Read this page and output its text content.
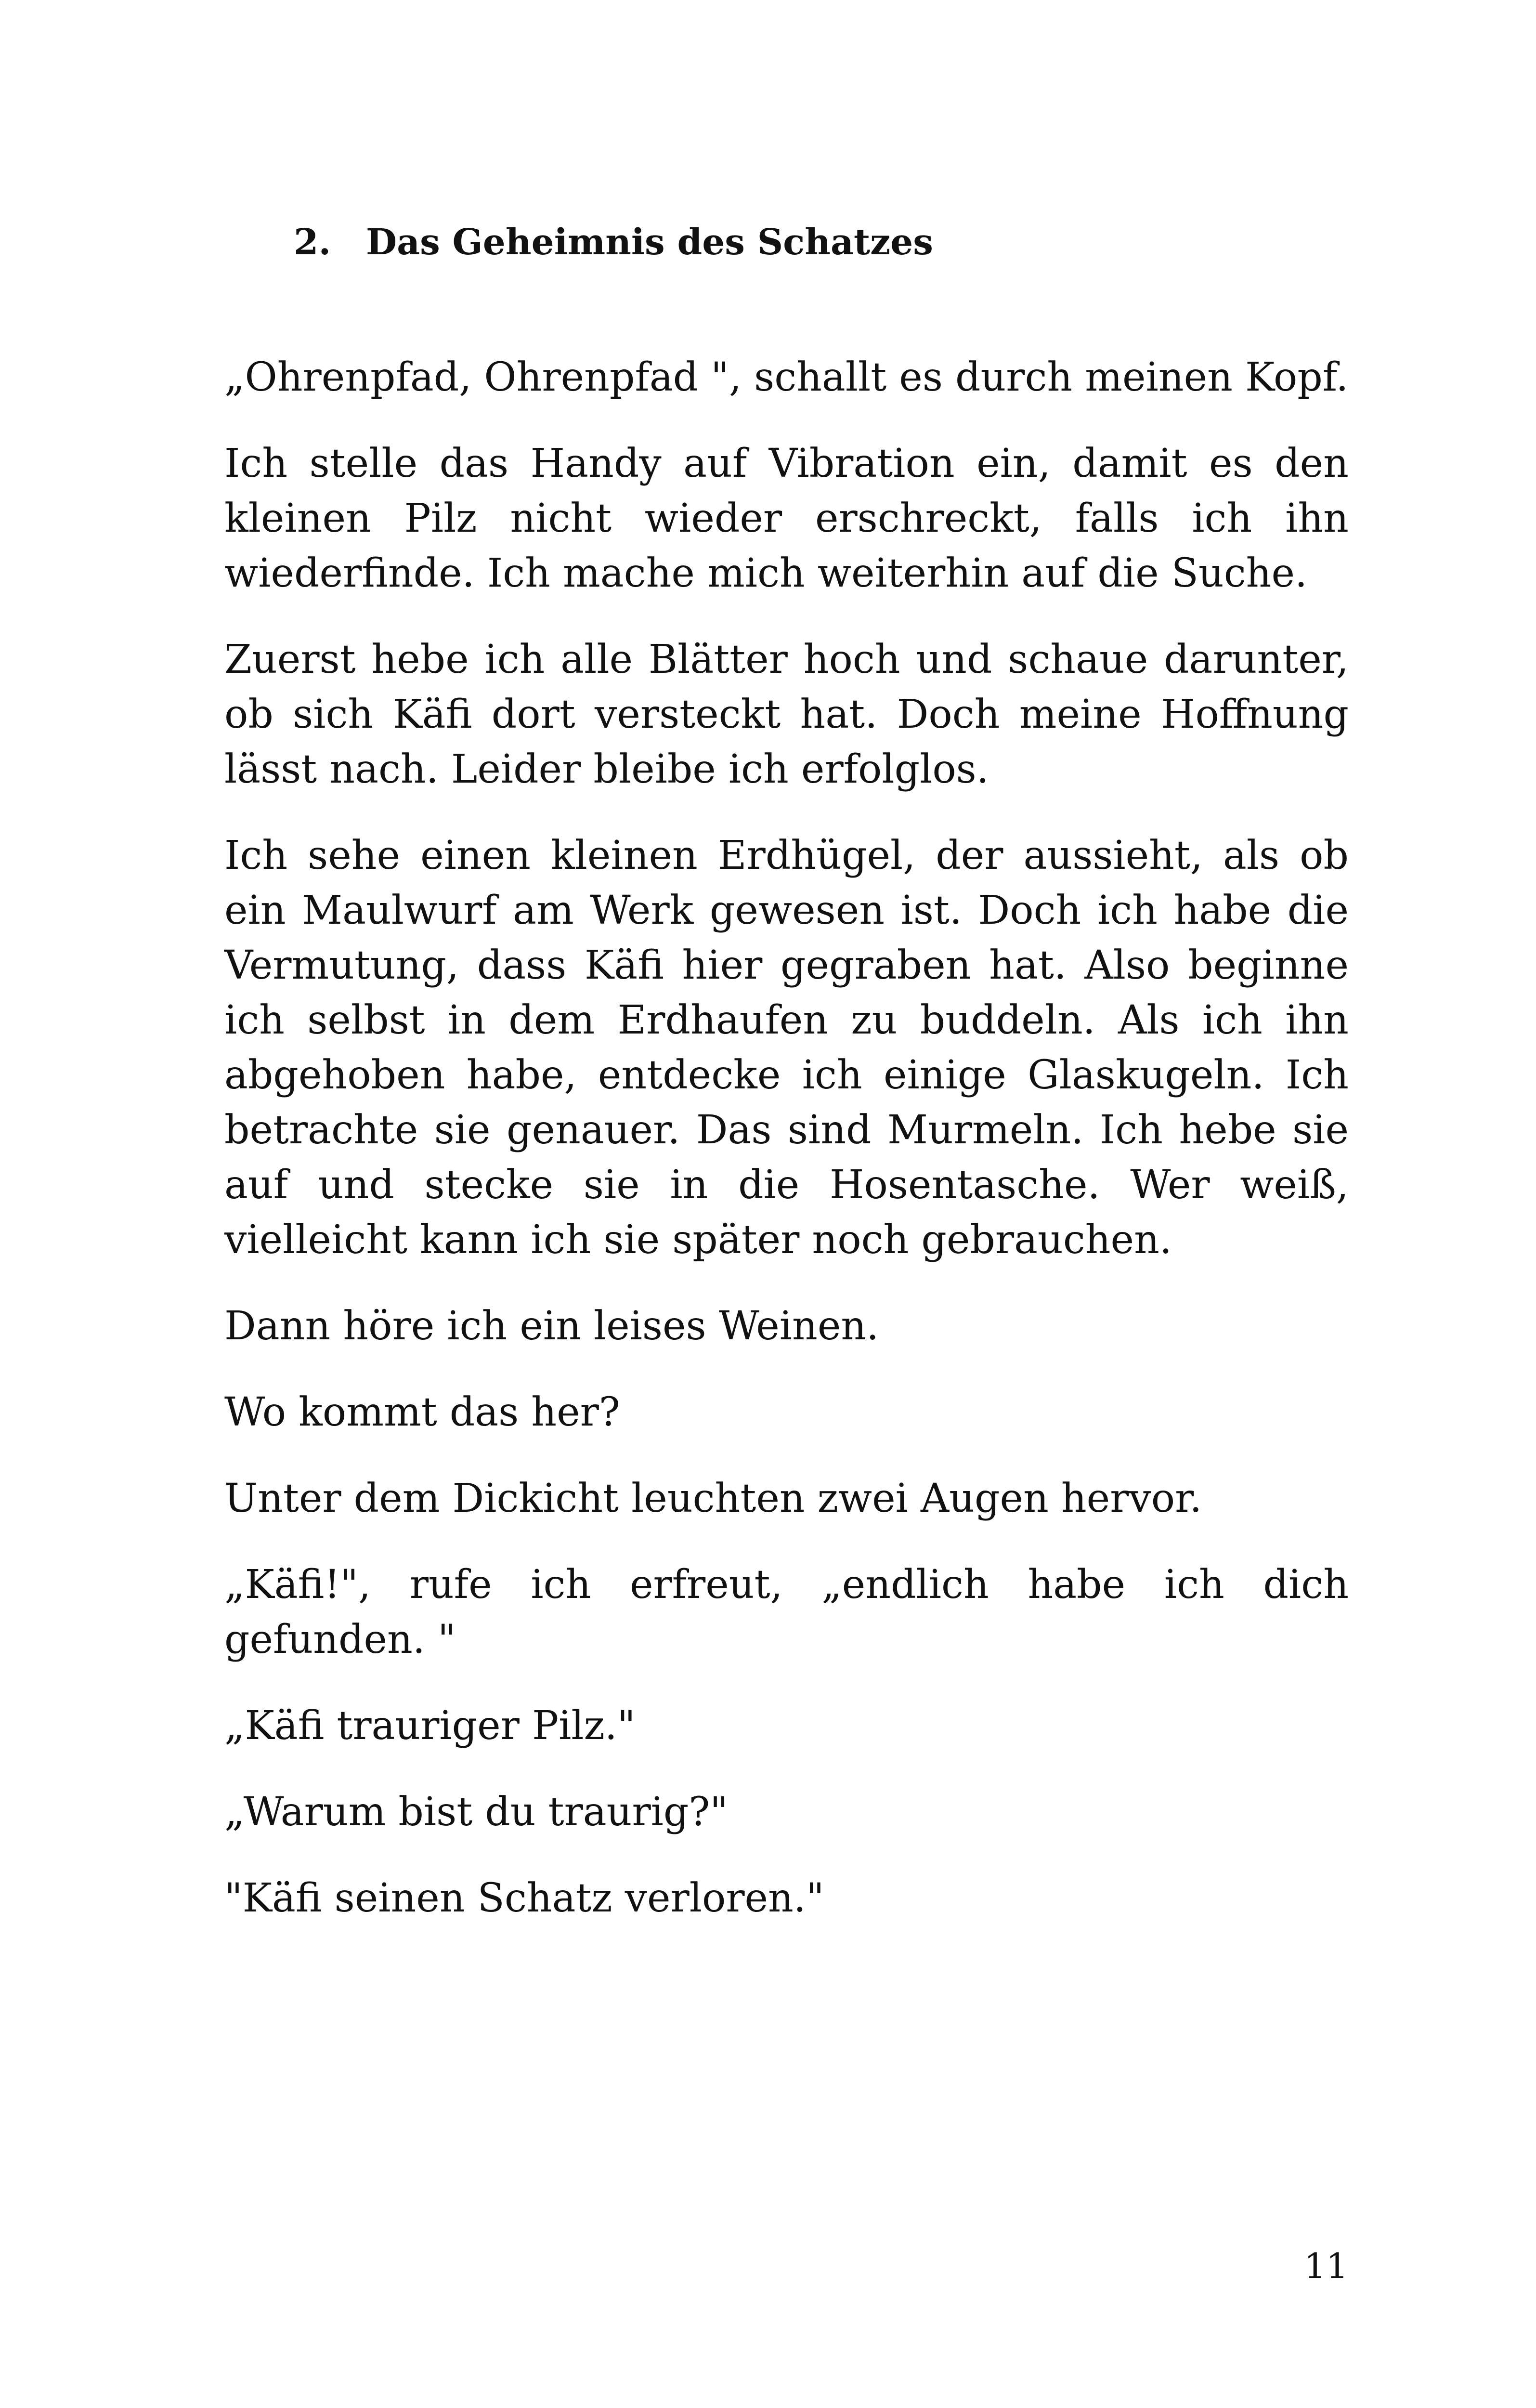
2. Das Geheimnis des Schatzes

„Ohrenpfad, Ohrenpfad ", schallt es durch meinen Kopf.

Ich stelle das Handy auf Vibration ein, damit es den kleinen Pilz nicht wieder erschreckt, falls ich ihn wiederfinde. Ich mache mich weiterhin auf die Suche.

Zuerst hebe ich alle Blätter hoch und schaue darunter, ob sich Käfi dort versteckt hat. Doch meine Hoffnung lässt nach. Leider bleibe ich erfolglos.

Ich sehe einen kleinen Erdhügel, der aussieht, als ob ein Maulwurf am Werk gewesen ist. Doch ich habe die Vermutung, dass Käfi hier gegraben hat. Also beginne ich selbst in dem Erdhaufen zu buddeln. Als ich ihn abgehoben habe, entdecke ich einige Glaskugeln. Ich betrachte sie genauer. Das sind Murmeln. Ich hebe sie auf und stecke sie in die Hosentasche. Wer weiß, vielleicht kann ich sie später noch gebrauchen.

Dann höre ich ein leises Weinen.

Wo kommt das her?

Unter dem Dickicht leuchten zwei Augen hervor.

„Käfi!", rufe ich erfreut, „endlich habe ich dich gefunden. "

„Käfi trauriger Pilz."

„Warum bist du traurig?"

"Käfi seinen Schatz verloren."

11
